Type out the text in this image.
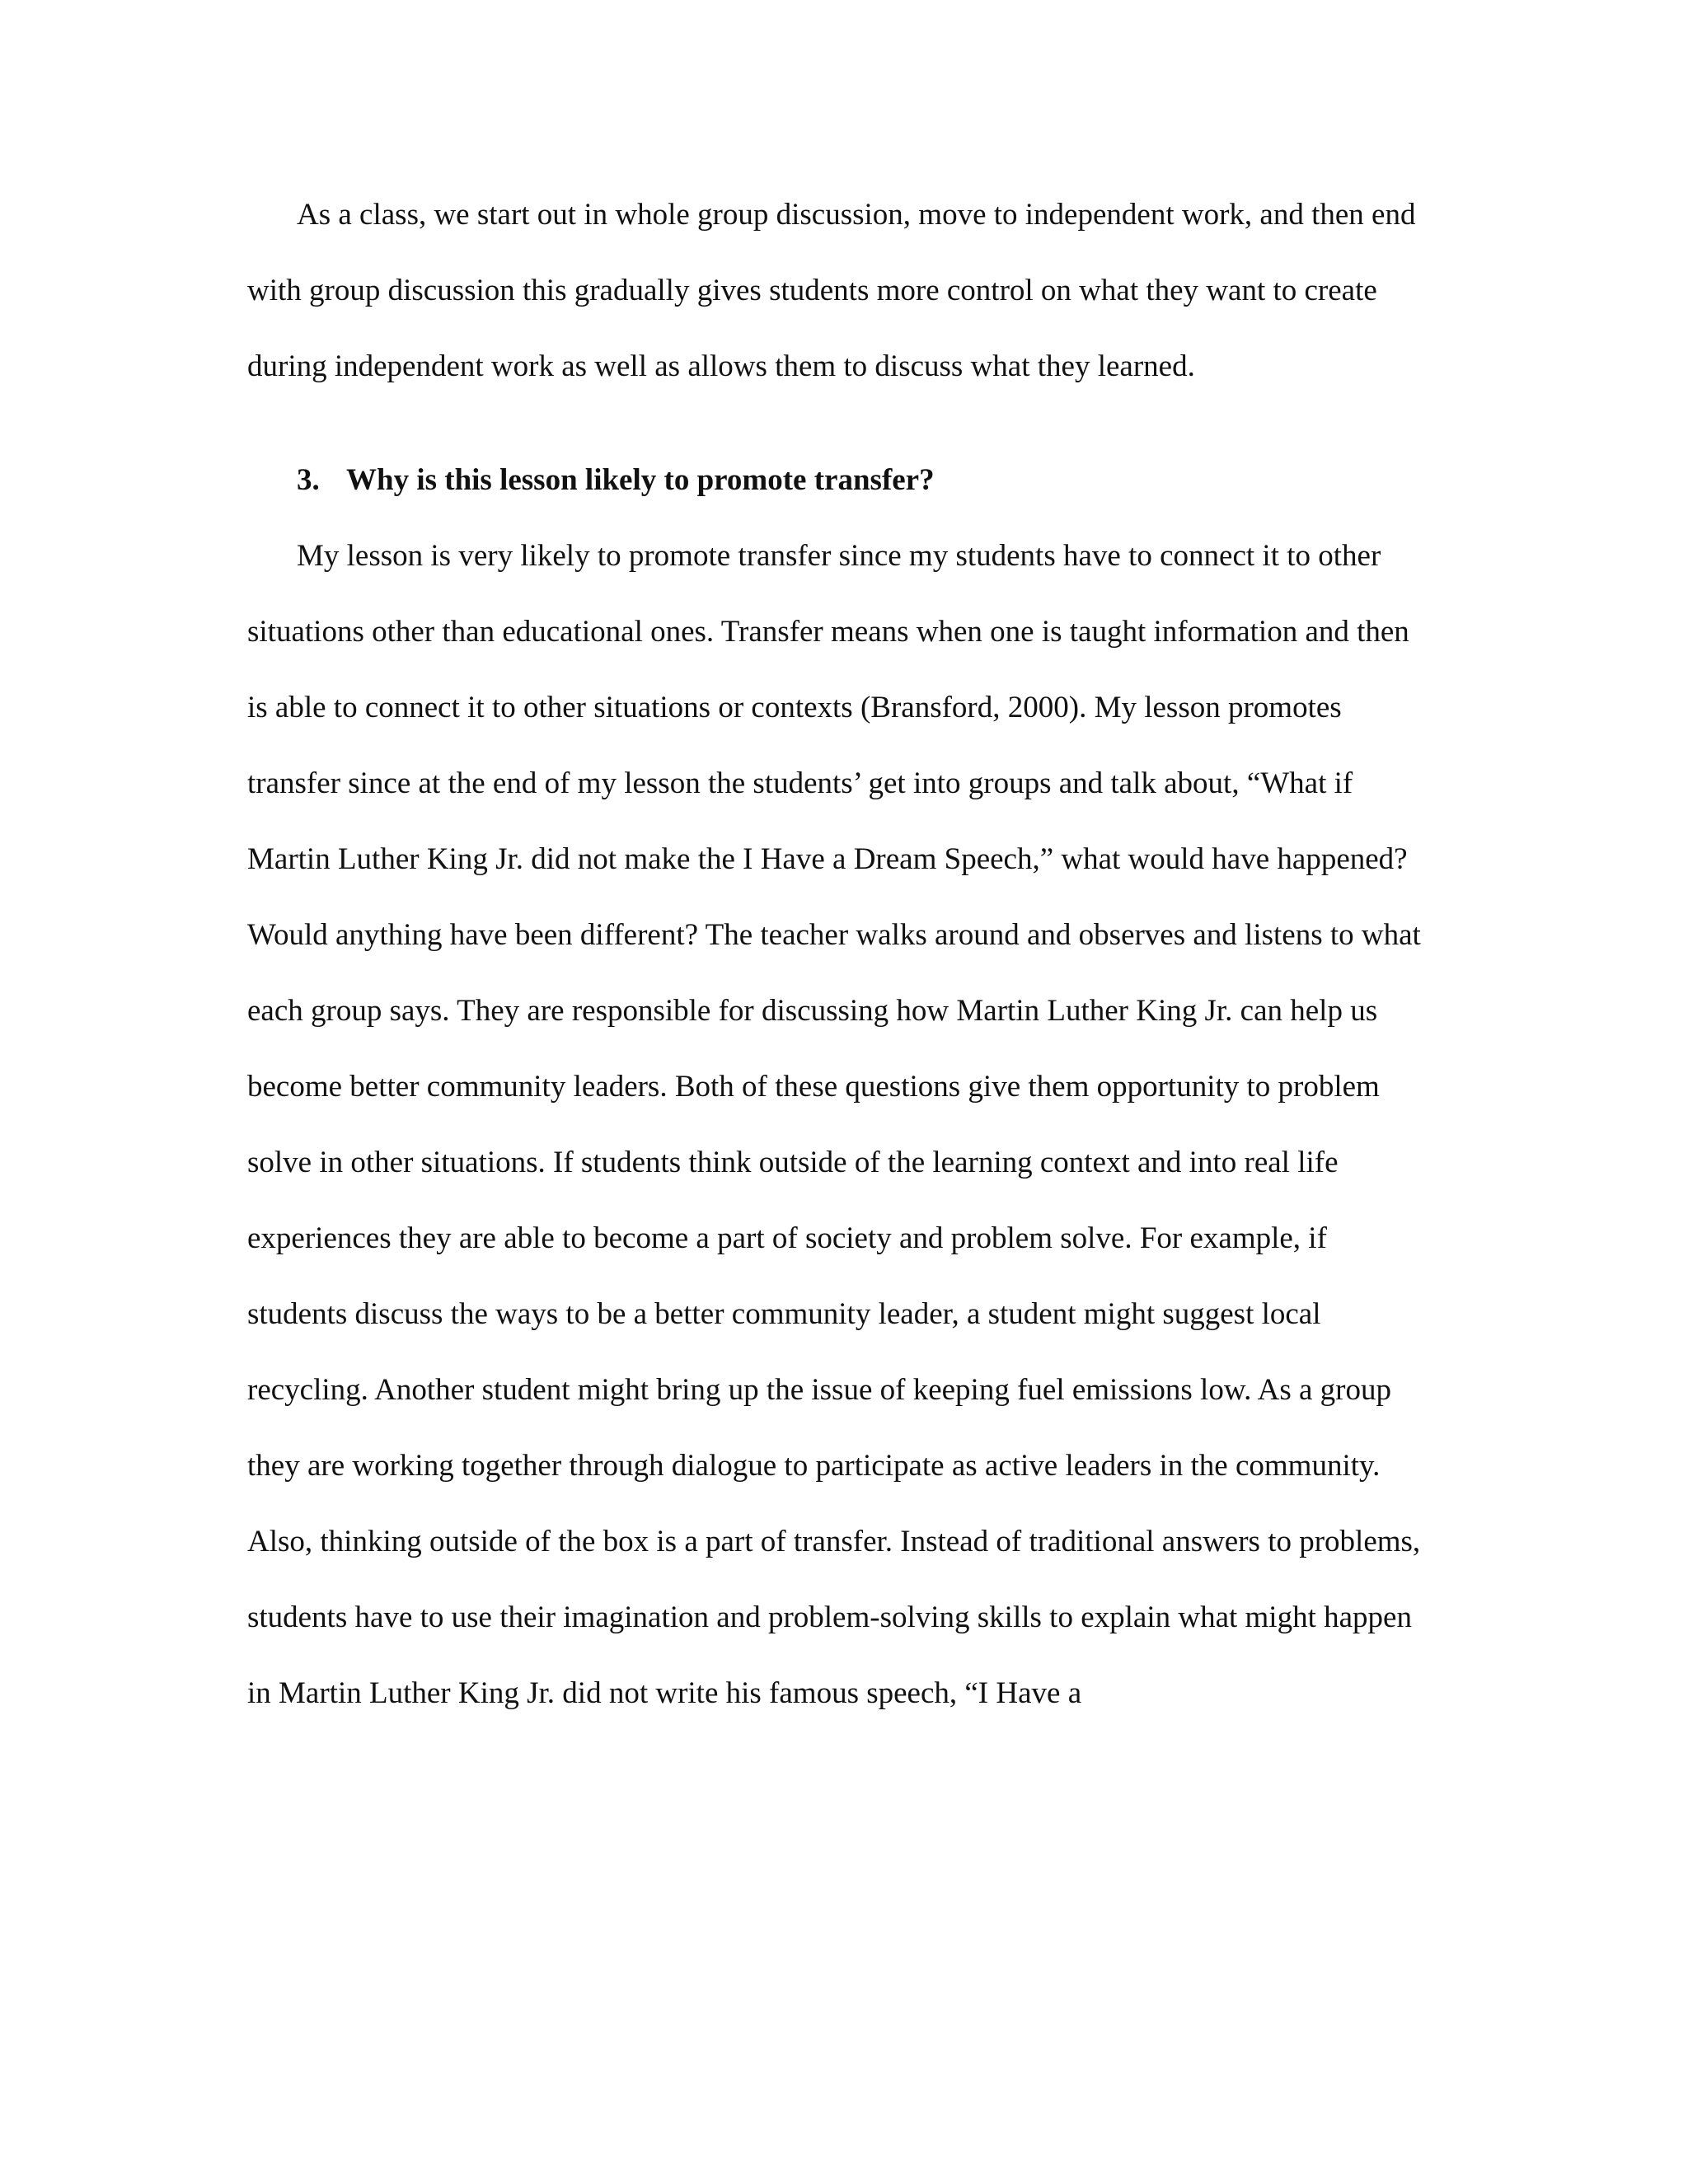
As a class, we start out in whole group discussion, move to independent work, and then end with group discussion this gradually gives students more control on what they want to create during independent work as well as allows them to discuss what they learned.

3. Why is this lesson likely to promote transfer?

My lesson is very likely to promote transfer since my students have to connect it to other situations other than educational ones. Transfer means when one is taught information and then is able to connect it to other situations or contexts (Bransford, 2000). My lesson promotes transfer since at the end of my lesson the students’ get into groups and talk about, “What if Martin Luther King Jr. did not make the I Have a Dream Speech,” what would have happened? Would anything have been different? The teacher walks around and observes and listens to what each group says. They are responsible for discussing how Martin Luther King Jr. can help us become better community leaders. Both of these questions give them opportunity to problem solve in other situations. If students think outside of the learning context and into real life experiences they are able to become a part of society and problem solve. For example, if students discuss the ways to be a better community leader, a student might suggest local recycling. Another student might bring up the issue of keeping fuel emissions low. As a group they are working together through dialogue to participate as active leaders in the community. Also, thinking outside of the box is a part of transfer. Instead of traditional answers to problems, students have to use their imagination and problem-solving skills to explain what might happen in Martin Luther King Jr. did not write his famous speech, “I Have a
